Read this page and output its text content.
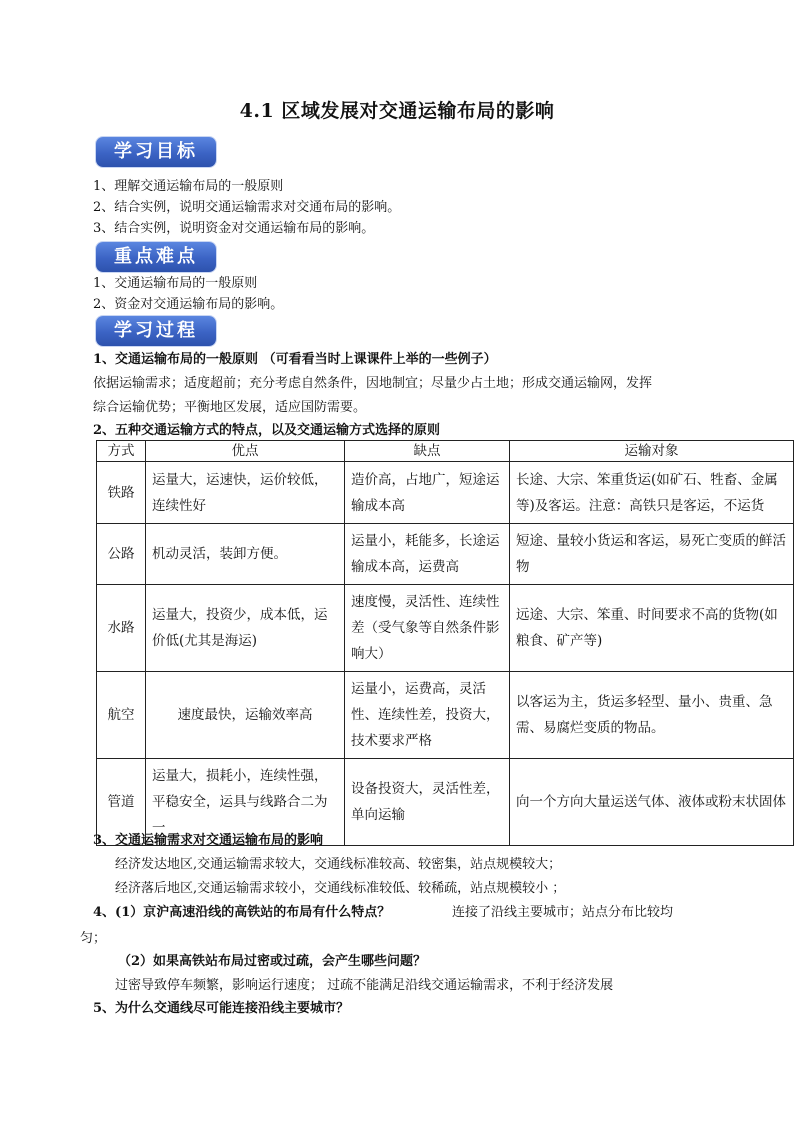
4.1 区域发展对交通运输布局的影响
学习目标
1、理解交通运输布局的一般原则
2、结合实例，说明交通运输需求对交通布局的影响。
3、结合实例，说明资金对交通运输布局的影响。
重点难点
1、交通运输布局的一般原则
2、资金对交通运输布局的影响。
学习过程
1、交通运输布局的一般原则 （可看看当时上课课件上举的一些例子）
依据运输需求；适度超前；充分考虑自然条件，因地制宜；尽量少占土地；形成交通运输网，发挥
综合运输优势；平衡地区发展，适应国防需要。
2、五种交通运输方式的特点，以及交通运输方式选择的原则
方式	优点	缺点	运输对象
铁路	运量大，运速快，运价较低，连续性好	造价高，占地广，短途运输成本高	长途、大宗、笨重货运(如矿石、牲畜、金属等)及客运。注意：高铁只是客运，不运货
公路	机动灵活，装卸方便。	运量小，耗能多，长途运输成本高，运费高	短途、量较小货运和客运，易死亡变质的鲜活物
水路	运量大，投资少，成本低，运价低(尤其是海运)	速度慢，灵活性、连续性差（受气象等自然条件影响大）	远途、大宗、笨重、时间要求不高的货物(如粮食、矿产等)
航空	速度最快，运输效率高	运量小，运费高，灵活性、连续性差，投资大，技术要求严格	以客运为主，货运多轻型、量小、贵重、急需、易腐烂变质的物品。
管道	运量大，损耗小，连续性强，平稳安全，运具与线路合二为一	设备投资大，灵活性差，单向运输	向一个方向大量运送气体、液体或粉末状固体
3、交通运输需求对交通运输布局的影响
经济发达地区,交通运输需求较大，交通线标准较高、较密集，站点规模较大；
经济落后地区,交通运输需求较小，交通线标准较低、较稀疏，站点规模较小 ；
4、(1）京沪高速沿线的高铁站的布局有什么特点？	连接了沿线主要城市；站点分布比较均
匀；
（2）如果高铁站布局过密或过疏，会产生哪些问题？
过密导致停车频繁，影响运行速度； 过疏不能满足沿线交通运输需求，不利于经济发展
5、为什么交通线尽可能连接沿线主要城市？
